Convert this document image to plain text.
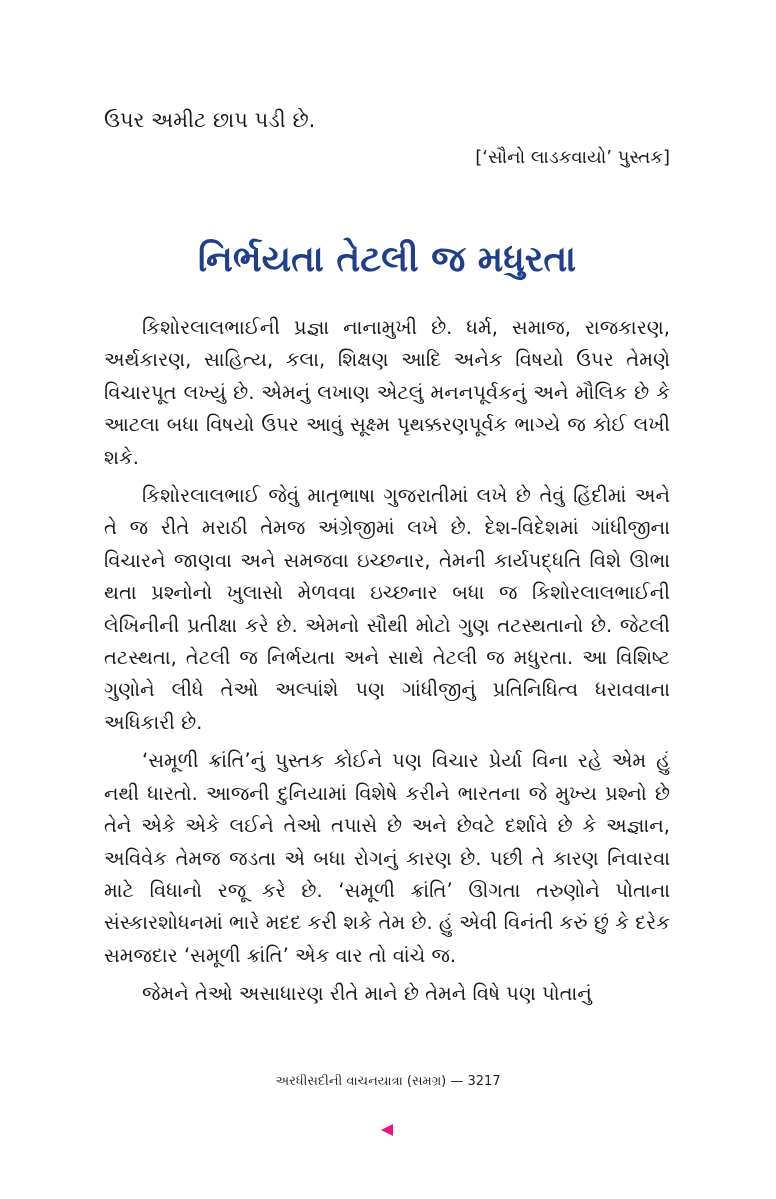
ઉપર અમીટ છાપ પડી છે.

[‘સૌનો લાડકવાયો’ પુસ્તક]

નિર્ભયતા તેટલી જ મધુરતા

કિશોરલાલભાઈની પ્રજ્ઞા નાનામુખી છે. ધર્મ, સમાજ, રાજકારણ, અર્થકારણ, સાહિત્ય, કલા, શિક્ષણ આદિ અનેક વિષયો ઉપર તેમણે વિચારપૂત લખ્યું છે. એમનું લખાણ એટલું મનનપૂર્વકનું અને મૌલિક છે કે આટલા બધા વિષયો ઉપર આવું સૂક્ષ્મ પૃથક્કરણપૂર્વક ભાગ્યે જ કોઈ લખી શકે.

કિશોરલાલભાઈ જેવું માતૃભાષા ગુજરાતીમાં લખે છે તેવું હિંદીમાં અને તે જ રીતે મરાઠી તેમજ અંગ્રેજીમાં લખે છે. દેશ-વિદેશમાં ગાંધીજીના વિચારને જાણવા અને સમજવા ઇચ્છનાર, તેમની કાર્યપદ્ધતિ વિશે ઊભા થતા પ્રશ્નોનો ખુલાસો મેળવવા ઇચ્છનાર બધા જ કિશોરલાલભાઈની લેખિનીની પ્રતીક્ષા કરે છે. એમનો સૌથી મોટો ગુણ તટસ્થતાનો છે. જેટલી તટસ્થતા, તેટલી જ નિર્ભયતા અને સાથે તેટલી જ મધુરતા. આ વિશિષ્ટ ગુણોને લીધે તેઓ અલ્પાંશે પણ ગાંધીજીનું પ્રતિનિધિત્વ ધરાવવાના અધિકારી છે.

‘સમૂળી ક્રાંતિ’નું પુસ્તક કોઈને પણ વિચાર પ્રેર્યા વિના રહે એમ હું નથી ધારતો. આજની દુનિયામાં વિશેષે કરીને ભારતના જે મુખ્ય પ્રશ્નો છે તેને એકે એકે લઈને તેઓ તપાસે છે અને છેવટે દર્શાવે છે કે અજ્ઞાન, અવિવેક તેમજ જડતા એ બધા રોગનું કારણ છે. પછી તે કારણ નિવારવા માટે વિધાનો રજૂ કરે છે. ‘સમૂળી ક્રાંતિ’ ઊગતા તરુણોને પોતાના સંસ્કારશોધનમાં ભારે મદદ કરી શકે તેમ છે. હું એવી વિનંતી કરું છું કે દરેક સમજદાર ‘સમૂળી ક્રાંતિ’ એક વાર તો વાંચે જ.

જેમને તેઓ અસાધારણ રીતે માને છે તેમને વિષે પણ પોતાનું

અરધીસદીની વાચનયાત્રા (સમગ્ર) — 3217
